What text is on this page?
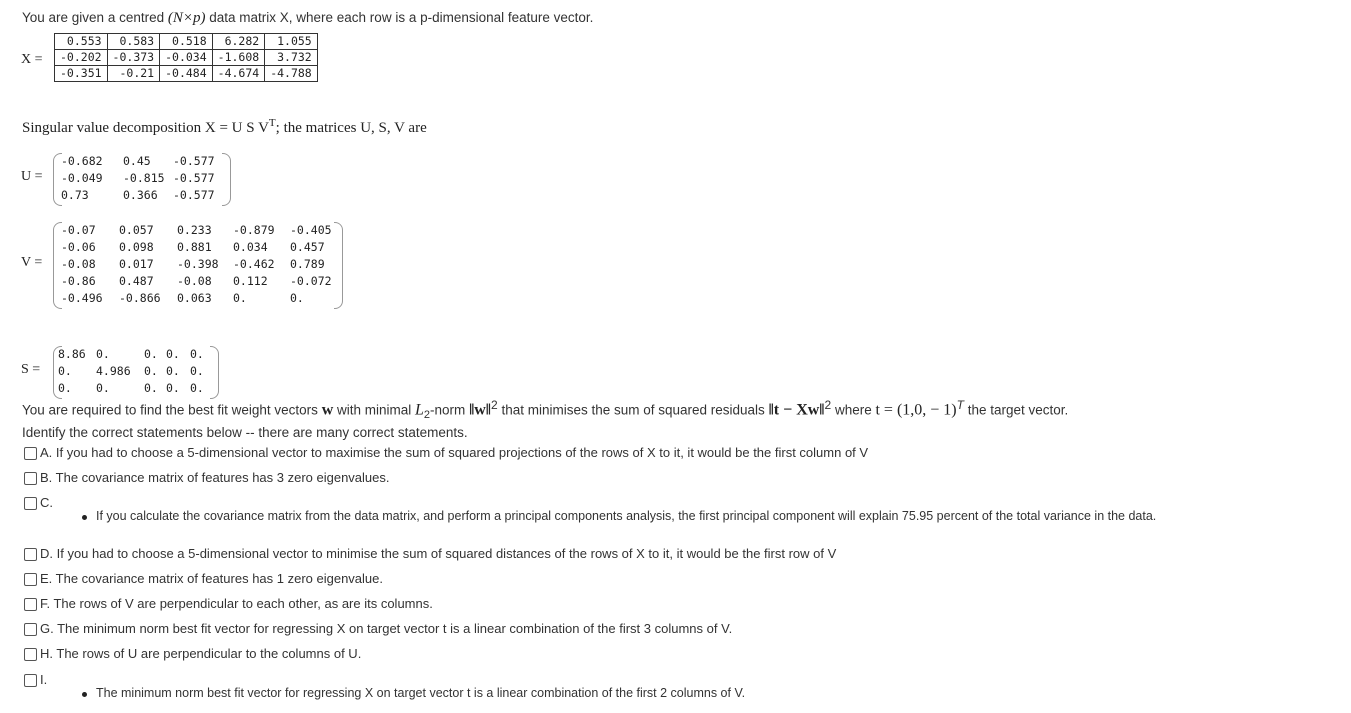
You are given a centred (N×p) data matrix X, where each row is a p-dimensional feature vector.
X =
0.553	0.583	0.518	6.282	1.055
-0.202	-0.373	-0.034	-1.608	3.732
-0.351	-0.21	-0.484	-4.674	-4.788
Singular value decomposition X = U S $V^T$; the matrices U, S, V are
U =
-0.682 0.45 -0.577
-0.049 -0.815 -0.577
0.73	0.366 -0.577
V =
-0.07 0.057 0.233 -0.879 -0.405
-0.06 0.098 0.881 0.034 0.457
-0.08 0.017 -0.398 -0.462 0.789
-0.86 0.487 -0.08 0.112 -0.072
-0.496 -0.866 0.063 0.	0.
S =
8.86 0.	0. 0. 0.
0. 4.986 0. 0. 0.
0. 0.	0. 0. 0.
You are required to find the best fit weight vectors w with minimal $L_2$-norm ‖w‖$^2$ that minimises the sum of squared residuals ‖t − Xw‖$^2$ where t = (1,0, − 1)$^T$ the target vector.
Identify the correct statements below -- there are many correct statements.
A. If you had to choose a 5-dimensional vector to maximise the sum of squared projections of the rows of X to it, it would be the first column of V
B. The covariance matrix of features has 3 zero eigenvalues.
C.
If you calculate the covariance matrix from the data matrix, and perform a principal components analysis, the first principal component will explain 75.95 percent of the total variance in the data.
D. If you had to choose a 5-dimensional vector to minimise the sum of squared distances of the rows of X to it, it would be the first row of V
E. The covariance matrix of features has 1 zero eigenvalue.
F. The rows of V are perpendicular to each other, as are its columns.
G. The minimum norm best fit vector for regressing X on target vector t is a linear combination of the first 3 columns of V.
H. The rows of U are perpendicular to the columns of U.
I.
The minimum norm best fit vector for regressing X on target vector t is a linear combination of the first 2 columns of V.
